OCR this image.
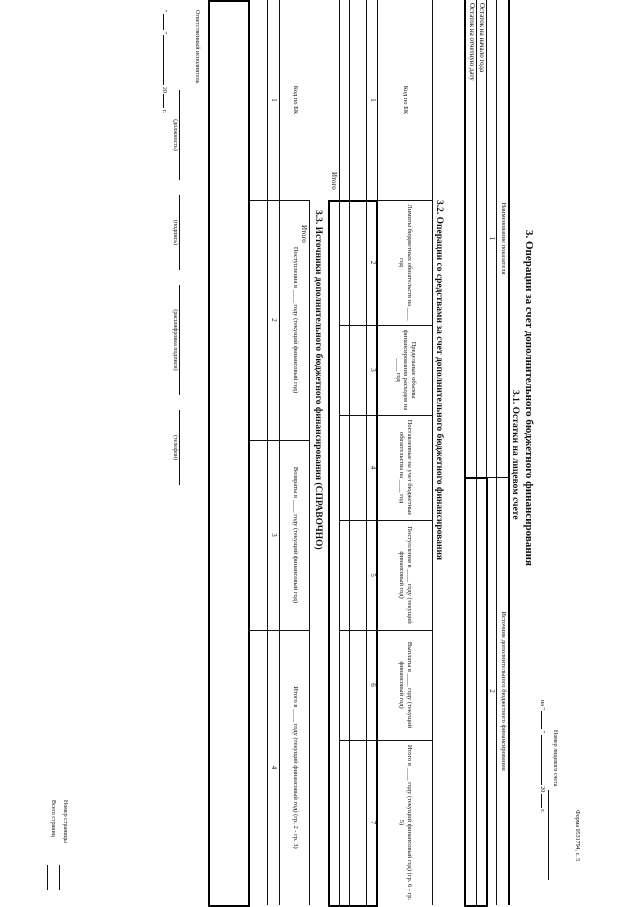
Форма 0531794, с. 5
Номер лицевого счета
на "  "  20  г.
3. Операции за счет дополнительного бюджетного финансирования
3.1. Остатки на лицевом счете
Наименование показателя
Источник дополнительного бюджетного финансирования
1
2
Остаток на начало года
Остаток на отчетную дату
3.2. Операции со средствами за счет дополнительного бюджетного финансирования
Код по БК
Лимиты бюджетных обязательств на ____ год
Предельные объемы финансирования расходов на ____ год
Поставленные на учет бюджетные обязательства на ____ год
Поступления в ____ году (текущий финансовый год)
Выплаты в ____ году (текущий финансовый год)
Итого в ____ году (текущий финансовый год) (гр. 6 - гр. 5)
1
2
3
4
5
6
7
Итого
3.3. Источники дополнительного бюджетного финансирования (СПРАВОЧНО)
Код по БК
Поступления в ____ году (текущий финансовый год)
Возвраты в ____ году (текущий финансовый год)
Итого в ____ году (текущий финансовый год) (гр. 2 - гр. 3)
1
2
3
4
Итого
Ответственный исполнитель
(должность)
(подпись)
(расшифровка подписи)
(телефон)
"  "  20  г.
Номер страницы
Всего страниц
